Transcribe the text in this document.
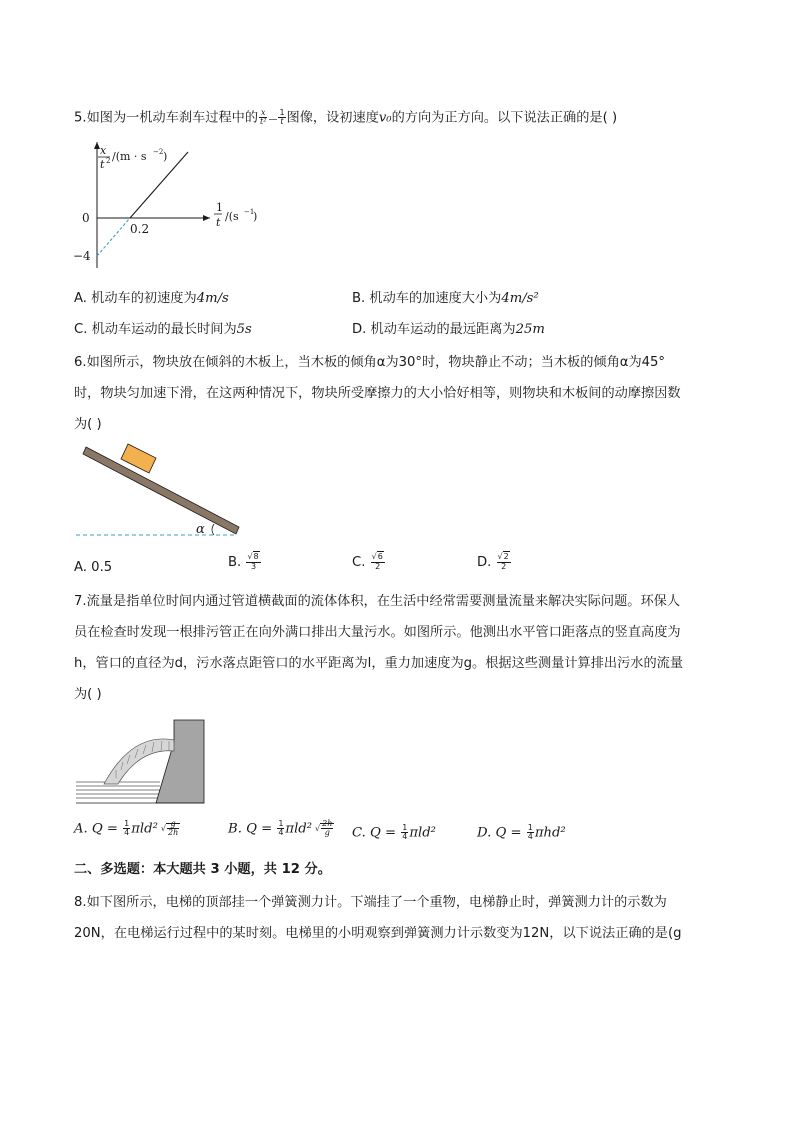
5.如图为一机动车刹车过程中的 $\frac{x}{\text{t²}}$ — $\frac{1}{t}$ 图像，设初速度v₀的方向为正方向。以下说法正确的是( )
x
t 2 /(m · s −2 )
0
0.2
−4
1
t /(s −1
)
A. 机动车的初速度为4m/s	B. 机动车的加速度大小为4m/s²
C. 机动车运动的最长时间为5s	D. 机动车运动的最远距离为25m
6.如图所示，物块放在倾斜的木板上，当木板的倾角α为30°时，物块静止不动；当木板的倾角α为45°
时，物块匀加速下滑，在这两种情况下，物块所受摩擦力的大小恰好相等，则物块和木板间的动摩擦因数
为( )
α
A. 0.5	B. $\frac{√8}{3}$	C. $\frac{√6}{2}$	D. $\frac{√2}{2}$
7.流量是指单位时间内通过管道横截面的流体体积，在生活中经常需要测量流量来解决实际问题。环保人
员在检查时发现一根排污管正在向外满口排出大量污水。如图所示。他测出水平管口距落点的竖直高度为
h，管口的直径为d，污水落点距管口的水平距离为l，重力加速度为g。根据这些测量计算排出污水的流量
为( )
A. $Q = \frac{1}{4} \pi ld^2$ √ $\frac{g}{2h}$	B. $Q = \frac{1}{4} \pi ld^2$ √ $\frac{2h}{g} C$. $Q = \frac{1}{4} \pi ld^2$	D. $Q = \frac{1}{4} \pi hd^2$
二、多选题：本大题共 3 小题，共 12 分。
8.如下图所示，电梯的顶部挂一个弹簧测力计。下端挂了一个重物，电梯静止时，弹簧测力计的示数为
20N，在电梯运行过程中的某时刻。电梯里的小明观察到弹簧测力计示数变为12N，以下说法正确的是(g
